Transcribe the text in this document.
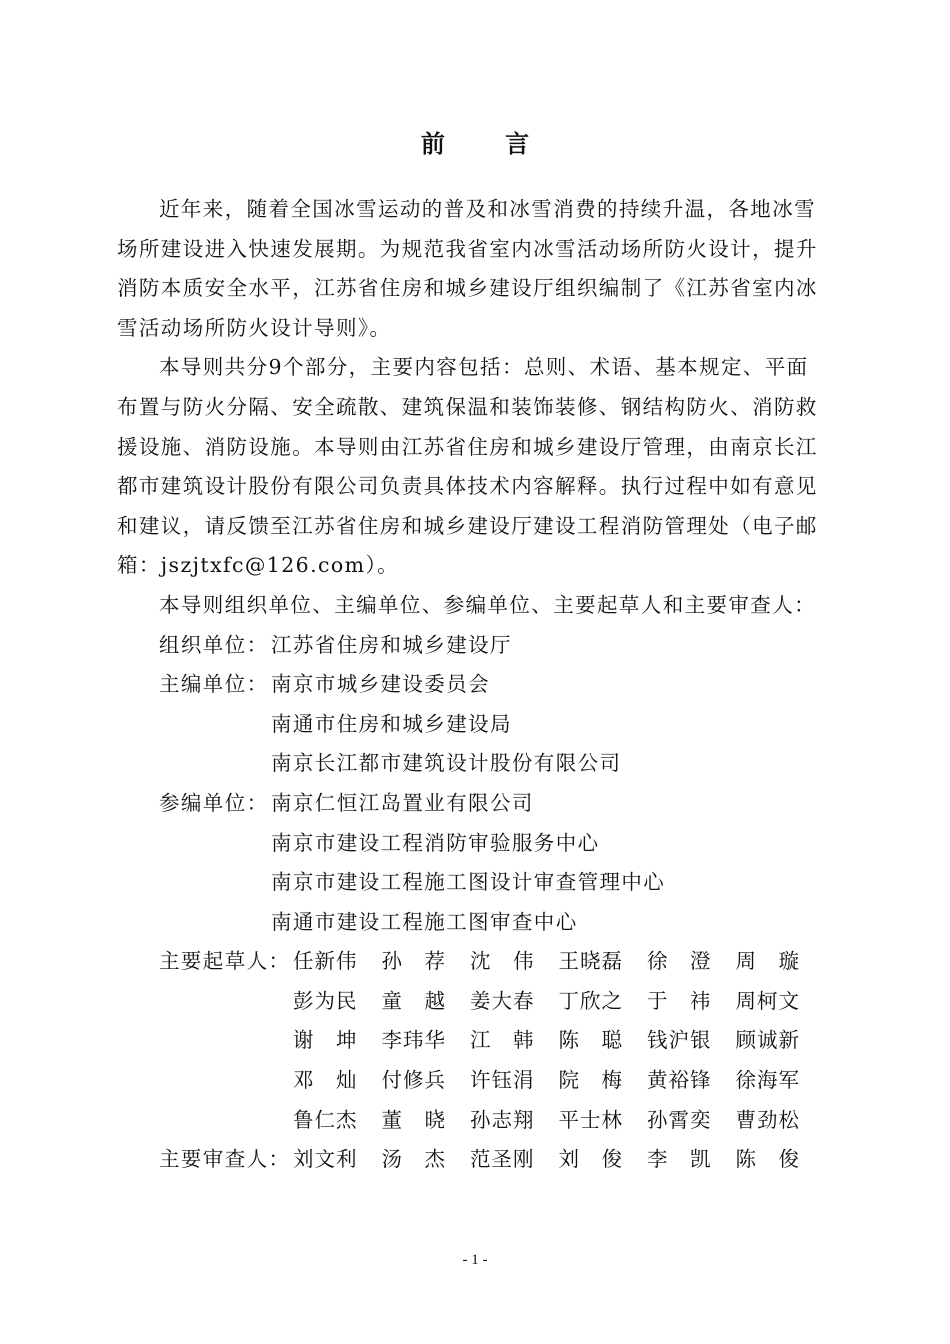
前 言

近年来，随着全国冰雪运动的普及和冰雪消费的持续升温，各地冰雪
场所建设进入快速发展期。为规范我省室内冰雪活动场所防火设计，提升
消防本质安全水平，江苏省住房和城乡建设厅组织编制了《江苏省室内冰
雪活动场所防火设计导则》。

本导则共分9个部分，主要内容包括：总则、术语、基本规定、平面
布置与防火分隔、安全疏散、建筑保温和装饰装修、钢结构防火、消防救
援设施、消防设施。本导则由江苏省住房和城乡建设厅管理，由南京长江
都市建筑设计股份有限公司负责具体技术内容解释。执行过程中如有意见
和建议，请反馈至江苏省住房和城乡建设厅建设工程消防管理处（电子邮
箱：jszjtxfc@126.com）。

本导则组织单位、主编单位、参编单位、主要起草人和主要审查人：

组织单位： 江苏省住房和城乡建设厅
主编单位： 南京市城乡建设委员会
南通市住房和城乡建设局
南京长江都市建筑设计股份有限公司
参编单位： 南京仁恒江岛置业有限公司
南京市建设工程消防审验服务中心
南京市建设工程施工图设计审查管理中心
南通市建设工程施工图审查中心
主要起草人： 任新伟	孙　荐	沈　伟	王晓磊	徐　澄	周　璇
彭为民	童　越	姜大春	丁欣之	于　祎	周柯文
谢　坤	李玮华	江　韩	陈　聪	钱沪银	顾诚新
邓　灿	付修兵	许钰涓	院　梅	黄裕锋	徐海军
鲁仁杰	董　晓	孙志翔	平士林	孙霄奕	曹劲松
主要审查人： 刘文利	汤　杰	范圣刚	刘　俊	李　凯	陈　俊
- 1 -
